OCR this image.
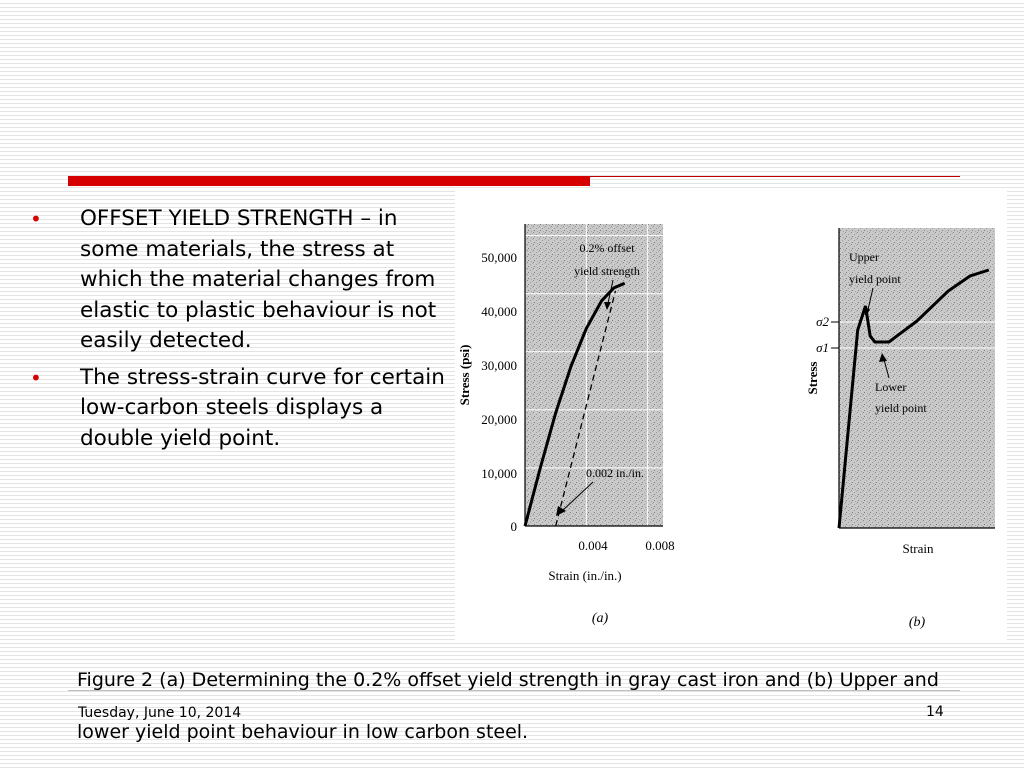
• OFFSET YIELD STRENGTH – in some materials, the stress at which the material changes from elastic to plastic behaviour is not easily detected.
• The stress-strain curve for certain low-carbon steels displays a double yield point.
0
10,000
20,000
30,000
40,000
50,000
0.004	0.008
Strain (in./in.)
Stress (psi)
0.2% offset
yield strength
0.002 in./in.
(a)
σ2
σ1
Stress
Strain
Upper
yield point
Lower
yield point
(b)

Figure 2 (a) Determining the 0.2% offset yield strength in gray cast iron and (b) Upper and lower yield point behaviour in low carbon steel.

Tuesday, June 10, 2014	14
